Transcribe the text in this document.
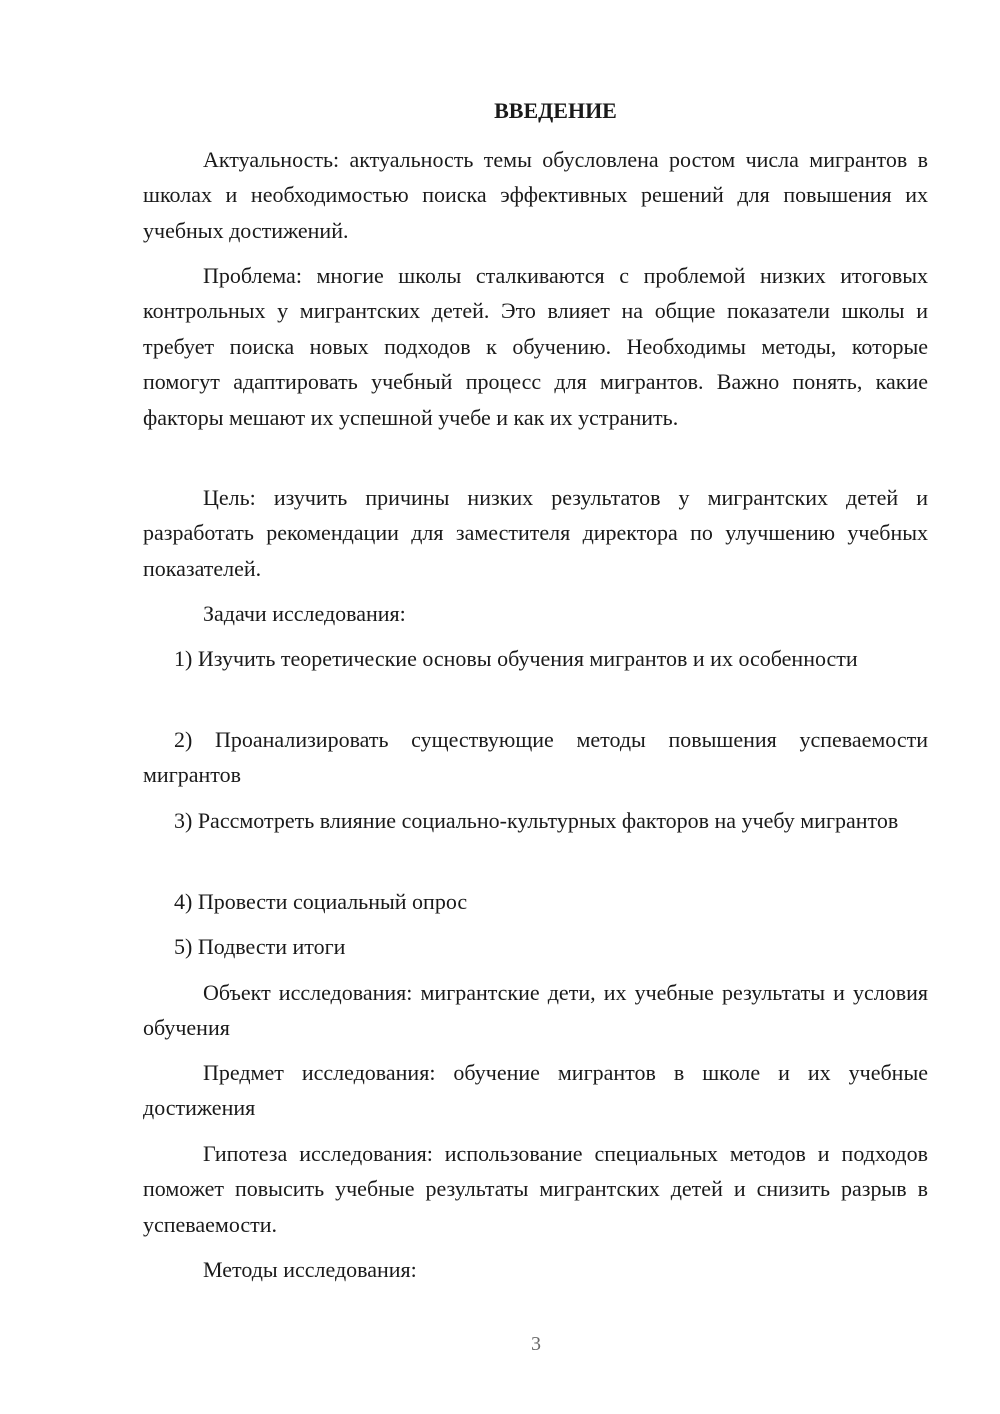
ВВЕДЕНИЕ

Актуальность: актуальность темы обусловлена ростом числа мигрантов в школах и необходимостью поиска эффективных решений для повышения их учебных достижений.

Проблема: многие школы сталкиваются с проблемой низких итоговых контрольных у мигрантских детей. Это влияет на общие показатели школы и требует поиска новых подходов к обучению. Необходимы методы, которые помогут адаптировать учебный процесс для мигрантов. Важно понять, какие факторы мешают их успешной учебе и как их устранить.

Цель: изучить причины низких результатов у мигрантских детей и разработать рекомендации для заместителя директора по улучшению учебных показателей.

Задачи исследования:

1) Изучить теоретические основы обучения мигрантов и их особенности

2) Проанализировать существующие методы повышения успеваемости мигрантов

3) Рассмотреть влияние социально-культурных факторов на учебу мигрантов

4) Провести социальный опрос

5) Подвести итоги

Объект исследования: мигрантские дети, их учебные результаты и условия обучения

Предмет исследования: обучение мигрантов в школе и их учебные достижения

Гипотеза исследования: использование специальных методов и подходов поможет повысить учебные результаты мигрантских детей и снизить разрыв в успеваемости.

Методы исследования:

3
